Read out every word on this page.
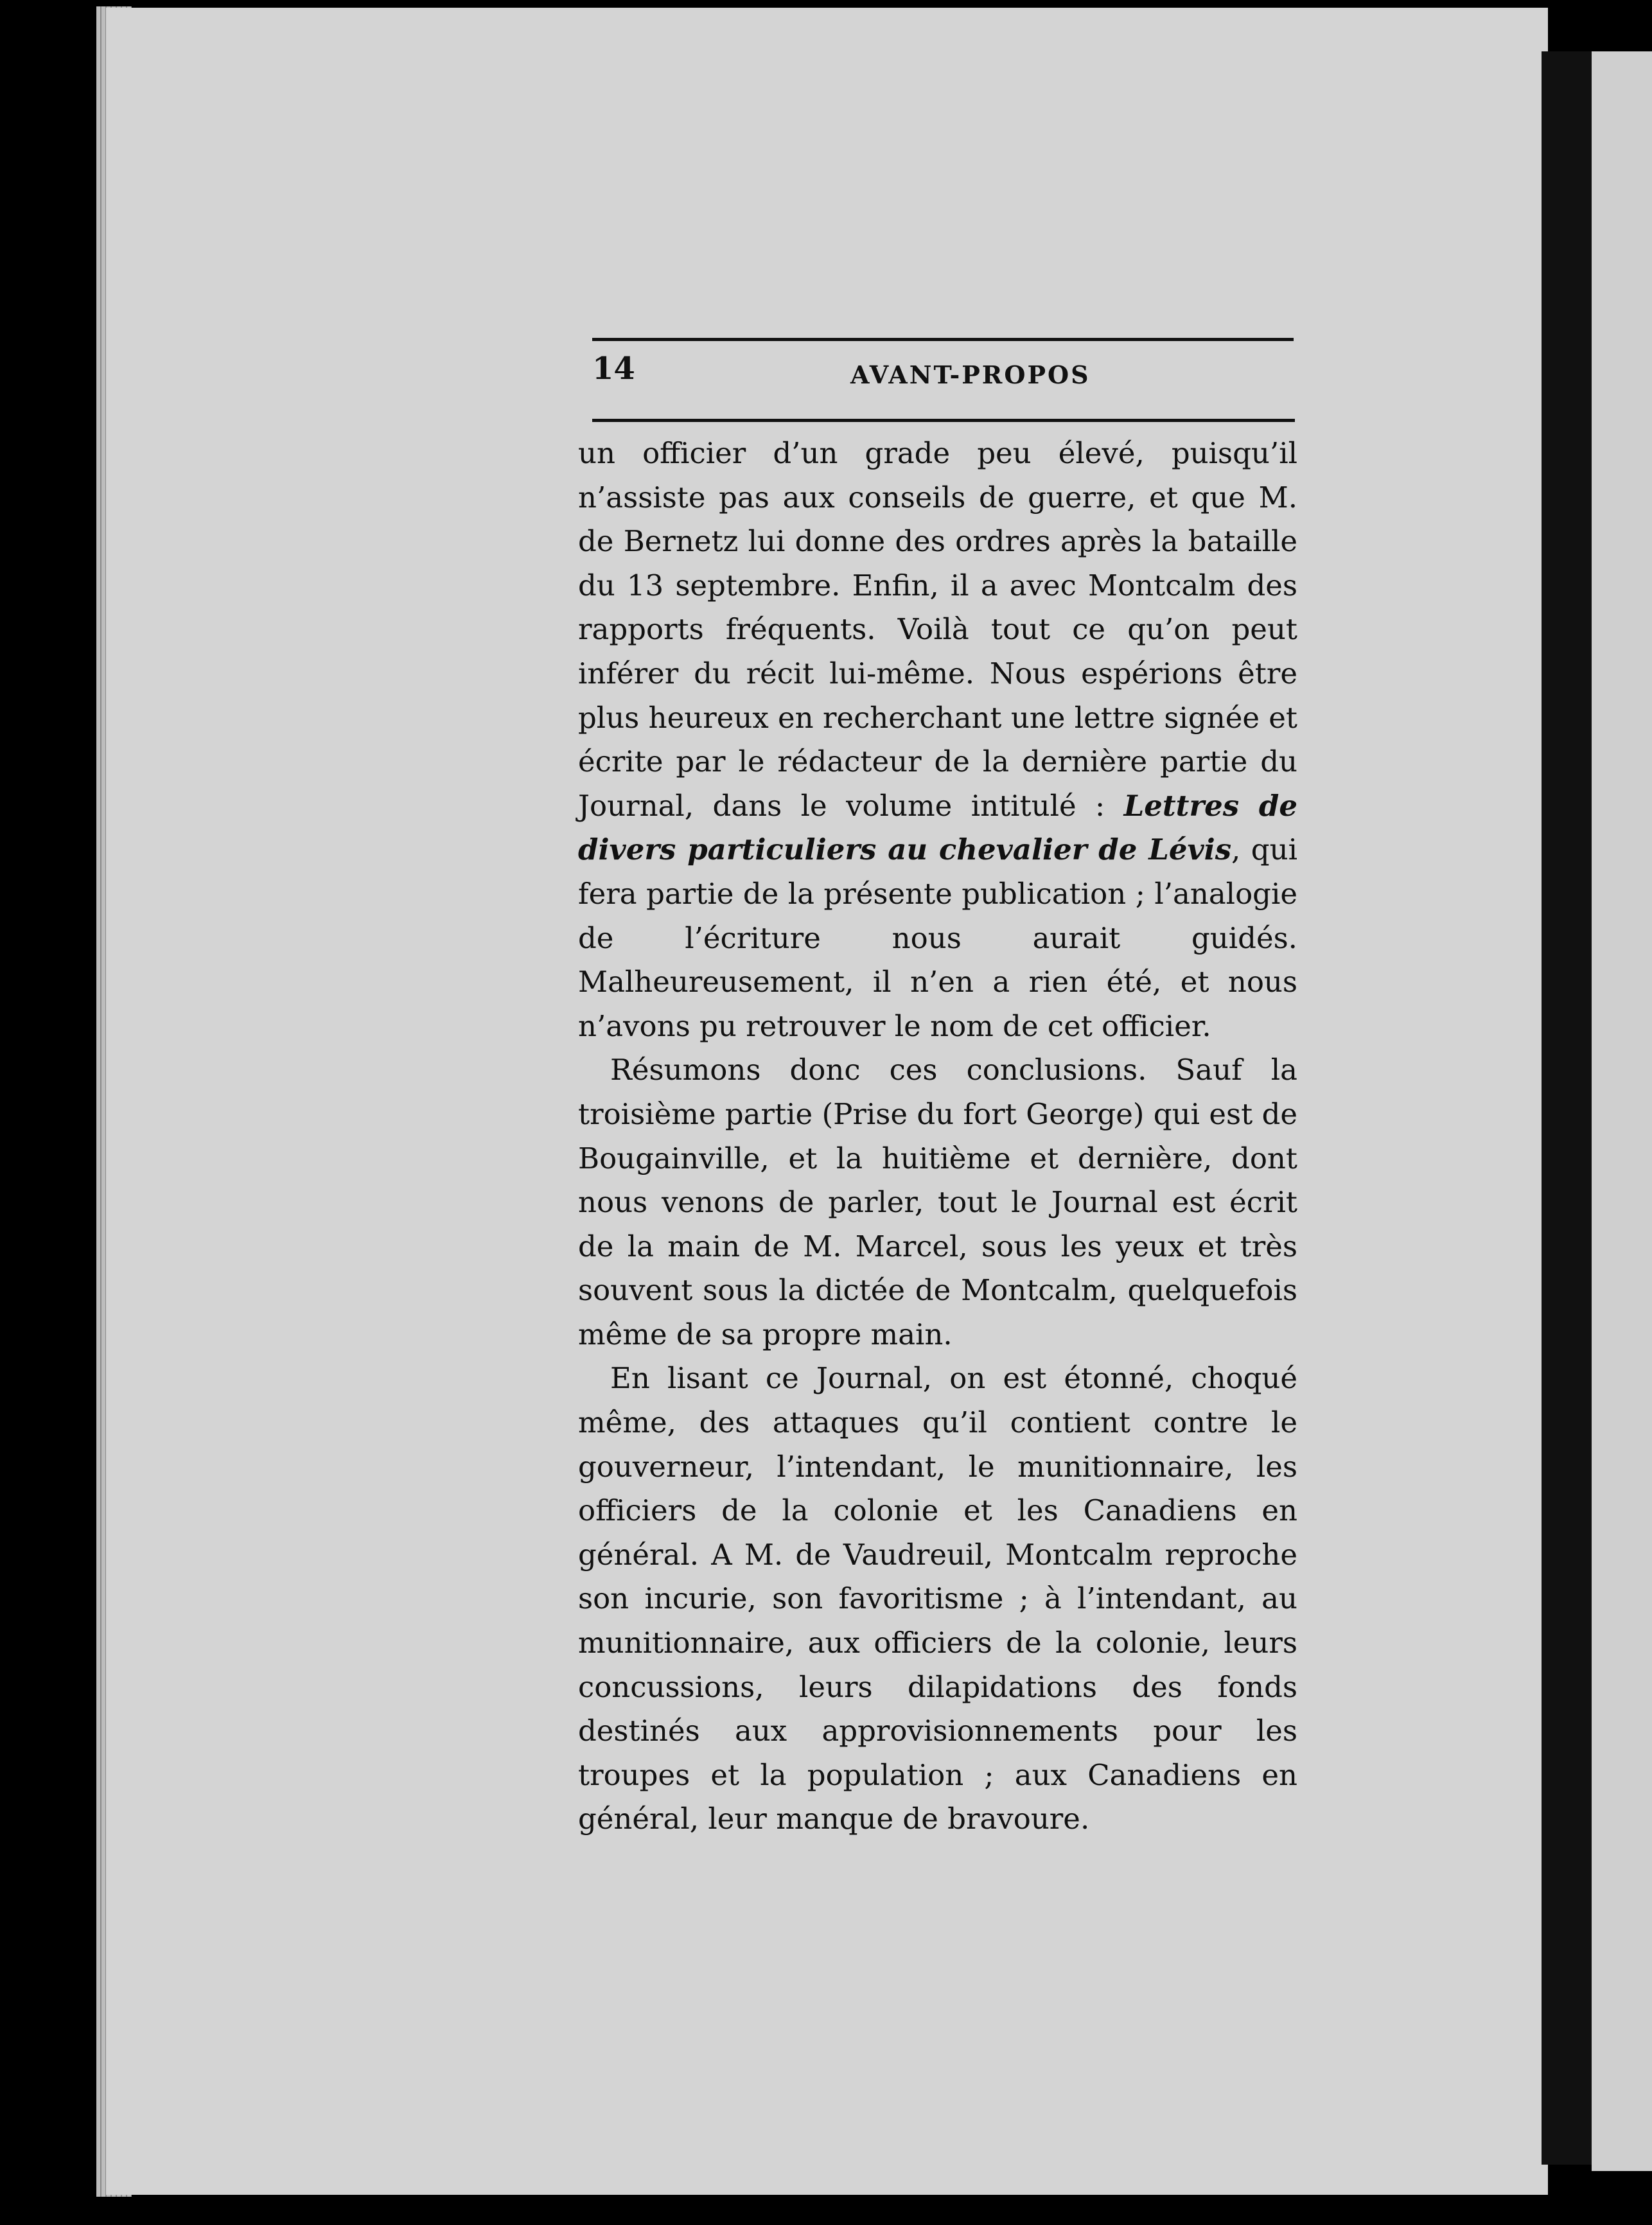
14	AVANT-PROPOS

un officier d’un grade peu élevé, puisqu’il n’assiste pas aux conseils de guerre, et que M. de Bernetz lui donne des ordres après la bataille du 13 septembre. Enfin, il a avec Montcalm des rapports fréquents. Voilà tout ce qu’on peut inférer du récit lui-même. Nous espérions être plus heureux en recherchant une lettre signée et écrite par le rédacteur de la dernière partie du Journal, dans le volume intitulé : Lettres de divers particuliers au chevalier de Lévis, qui fera partie de la présente publication ; l’analogie de l’écriture nous aurait guidés. Malheureusement, il n’en a rien été, et nous n’avons pu retrouver le nom de cet officier.

Résumons donc ces conclusions. Sauf la troisième partie (Prise du fort George) qui est de Bougainville, et la huitième et dernière, dont nous venons de parler, tout le Journal est écrit de la main de M. Marcel, sous les yeux et très souvent sous la dictée de Montcalm, quelquefois même de sa propre main.

En lisant ce Journal, on est étonné, choqué même, des attaques qu’il contient contre le gouverneur, l’intendant, le munitionnaire, les officiers de la colonie et les Canadiens en général. A M. de Vaudreuil, Montcalm reproche son incurie, son favoritisme ; à l’intendant, au munitionnaire, aux officiers de la colonie, leurs concussions, leurs dilapidations des fonds destinés aux approvisionnements pour les troupes et la population ; aux Canadiens en général, leur manque de bravoure.
